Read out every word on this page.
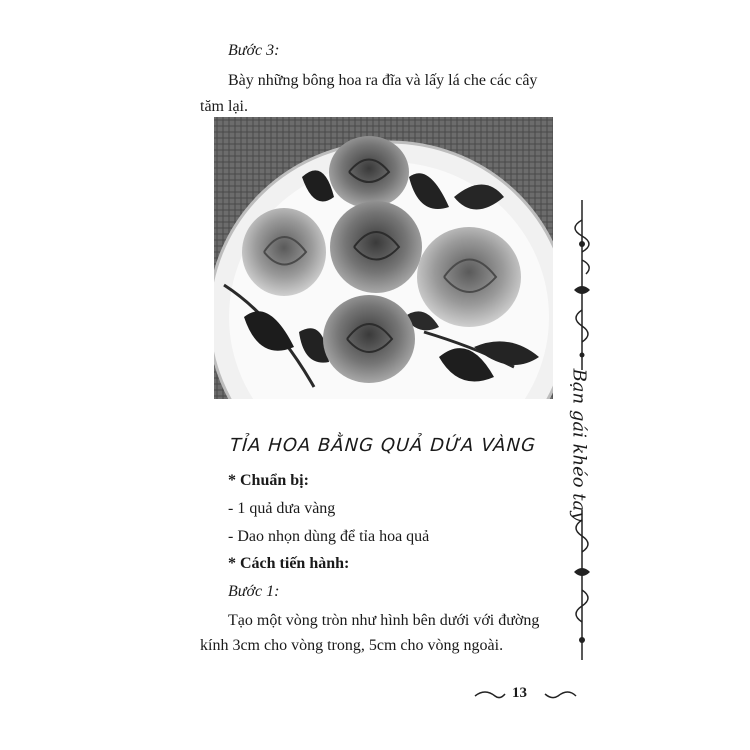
Bước 3:
Bày những bông hoa ra đĩa và lấy lá che các cây
tăm lại.
TỈA HOA BẰNG QUẢ DỨA VÀNG
* Chuẩn bị:
- 1 quả dưa vàng
- Dao nhọn dùng để tỉa hoa quả
* Cách tiến hành:
Bước 1:
Tạo một vòng tròn như hình bên dưới với đường
kính 3cm cho vòng trong, 5cm cho vòng ngoài.
Bạn gái khéo tay
13
